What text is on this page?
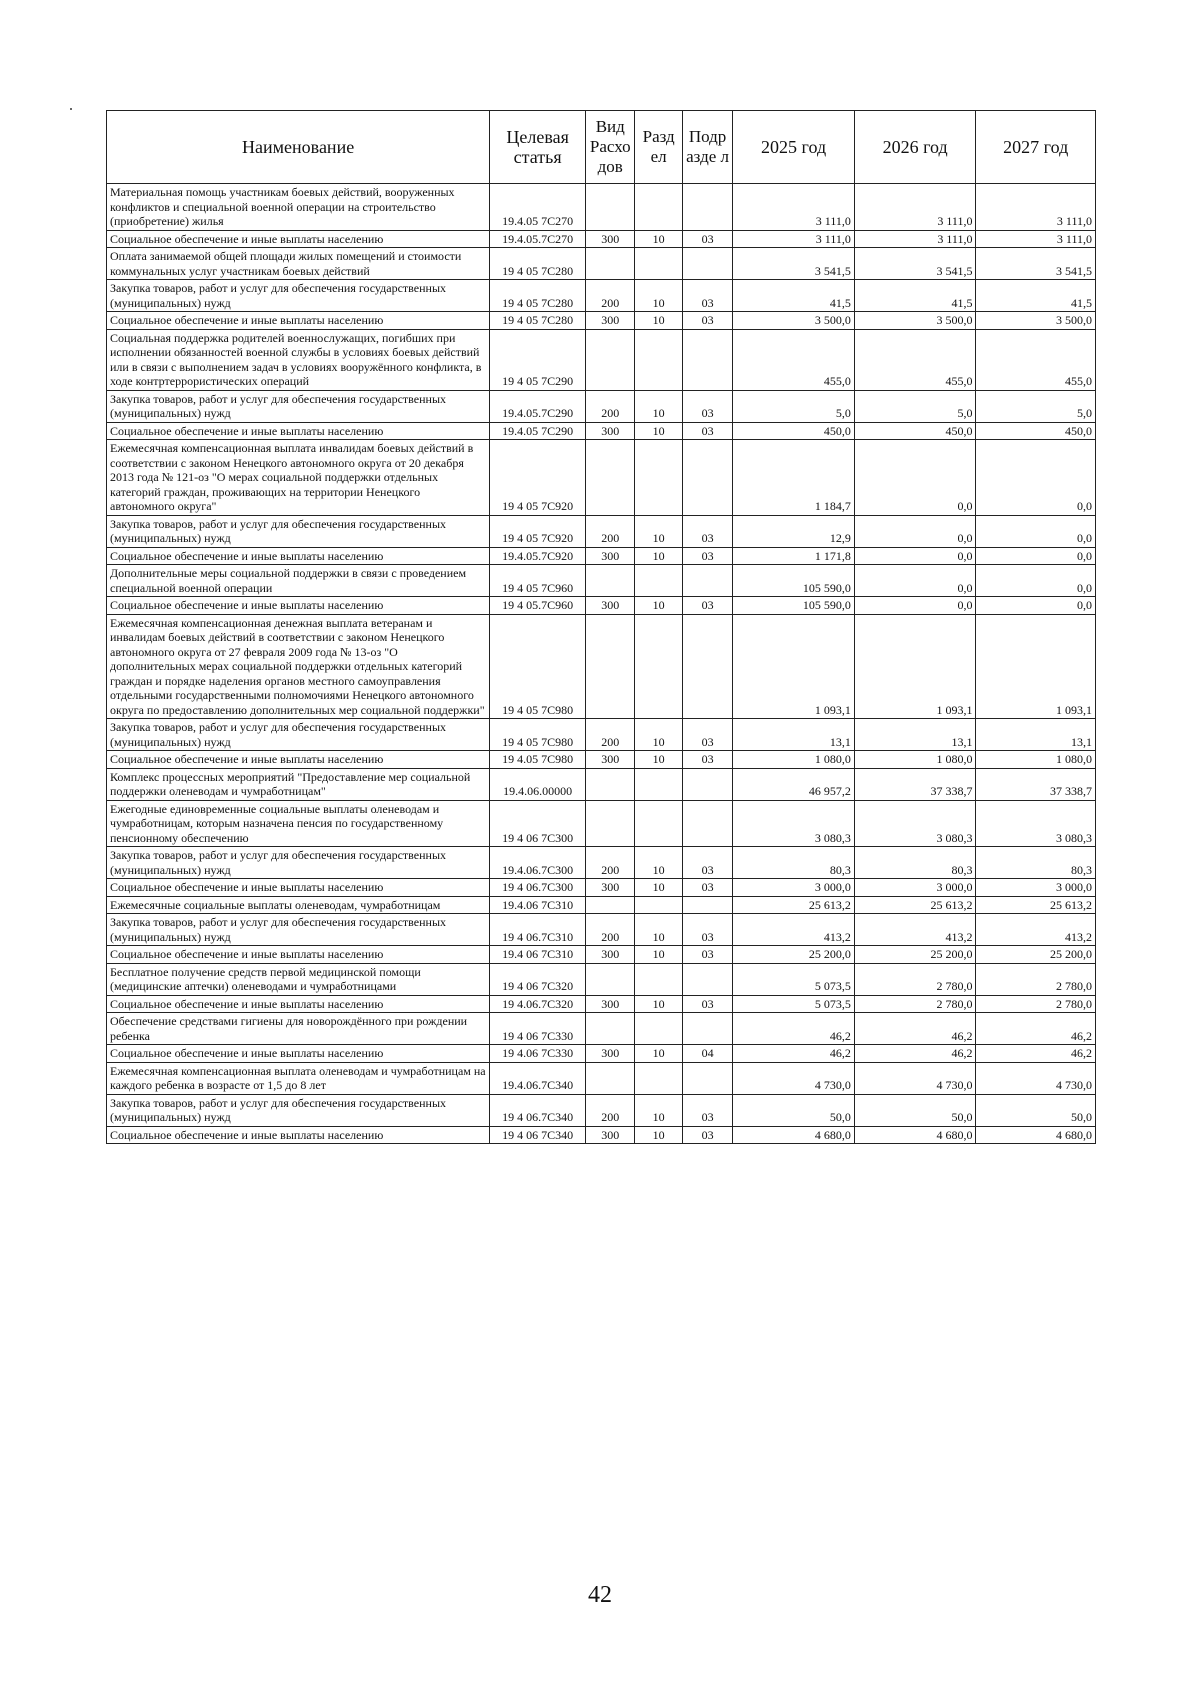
Наименование	Целевая статья	Вид Расхо дов	Разд ел	Подр азде л	2025 год	2026 год	2027 год
Материальная помощь участникам боевых действий, вооруженных конфликтов и специальной военной операции на строительство (приобретение) жилья	19.4.05 7C270				3 111,0	3 111,0	3 111,0
Социальное обеспечение и иные выплаты населению	19.4.05.7C270	300	10	03	3 111,0	3 111,0	3 111,0
Оплата занимаемой общей площади жилых помещений и стоимости коммунальных услуг участникам боевых действий	19 4 05 7C280				3 541,5	3 541,5	3 541,5
Закупка товаров, работ и услуг для обеспечения государственных (муниципальных) нужд	19 4 05 7C280	200	10	03	41,5	41,5	41,5
Социальное обеспечение и иные выплаты населению	19 4 05 7C280	300	10	03	3 500,0	3 500,0	3 500,0
Социальная поддержка родителей военнослужащих, погибших при исполнении обязанностей военной службы в условиях боевых действий или в связи с выполнением задач в условиях вооружённого конфликта, в ходе контртеррористических операций	19 4 05 7C290				455,0	455,0	455,0
Закупка товаров, работ и услуг для обеспечения государственных (муниципальных) нужд	19.4.05.7C290	200	10	03	5,0	5,0	5,0
Социальное обеспечение и иные выплаты населению	19.4.05 7C290	300	10	03	450,0	450,0	450,0
Ежемесячная компенсационная выплата инвалидам боевых действий в соответствии с законом Ненецкого автономного округа от 20 декабря 2013 года № 121-оз "О мерах социальной поддержки отдельных категорий граждан, проживающих на территории Ненецкого автономного округа"	19 4 05 7C920				1 184,7	0,0	0,0
Закупка товаров, работ и услуг для обеспечения государственных (муниципальных) нужд	19 4 05 7C920	200	10	03	12,9	0,0	0,0
Социальное обеспечение и иные выплаты населению	19.4.05.7C920	300	10	03	1 171,8	0,0	0,0
Дополнительные меры социальной поддержки в связи с проведением специальной военной операции	19 4 05 7C960				105 590,0	0,0	0,0
Социальное обеспечение и иные выплаты населению	19 4 05.7C960	300	10	03	105 590,0	0,0	0,0
Ежемесячная компенсационная денежная выплата ветеранам и инвалидам боевых действий в соответствии с законом Ненецкого автономного округа от 27 февраля 2009 года № 13-оз "О дополнительных мерах социальной поддержки отдельных категорий граждан и порядке наделения органов местного самоуправления отдельными государственными полномочиями Ненецкого автономного округа по предоставлению дополнительных мер социальной поддержки"	19 4 05 7C980				1 093,1	1 093,1	1 093,1
Закупка товаров, работ и услуг для обеспечения государственных (муниципальных) нужд	19 4 05 7C980	200	10	03	13,1	13,1	13,1
Социальное обеспечение и иные выплаты населению	19 4.05 7C980	300	10	03	1 080,0	1 080,0	1 080,0
Комплекс процессных мероприятий "Предоставление мер социальной поддержки оленеводам и чумработницам"	19.4.06.00000				46 957,2	37 338,7	37 338,7
Ежегодные единовременные социальные выплаты оленеводам и чумработницам, которым назначена пенсия по государственному пенсионному обеспечению	19 4 06 7C300				3 080,3	3 080,3	3 080,3
Закупка товаров, работ и услуг для обеспечения государственных (муниципальных) нужд	19.4.06.7C300	200	10	03	80,3	80,3	80,3
Социальное обеспечение и иные выплаты населению	19 4 06.7C300	300	10	03	3 000,0	3 000,0	3 000,0
Ежемесячные социальные выплаты оленеводам, чумработницам	19.4.06 7C310				25 613,2	25 613,2	25 613,2
Закупка товаров, работ и услуг для обеспечения государственных (муниципальных) нужд	19 4 06.7C310	200	10	03	413,2	413,2	413,2
Социальное обеспечение и иные выплаты населению	19.4 06 7C310	300	10	03	25 200,0	25 200,0	25 200,0
Бесплатное получение средств первой медицинской помощи (медицинские аптечки) оленеводами и чумработницами	19 4 06 7C320				5 073,5	2 780,0	2 780,0
Социальное обеспечение и иные выплаты населению	19 4.06.7C320	300	10	03	5 073,5	2 780,0	2 780,0
Обеспечение средствами гигиены для новорождённого при рождении ребенка	19 4 06 7C330				46,2	46,2	46,2
Социальное обеспечение и иные выплаты населению	19 4.06 7C330	300	10	04	46,2	46,2	46,2
Ежемесячная компенсационная выплата оленеводам и чумработницам на каждого ребенка в возрасте от 1,5 до 8 лет	19.4.06.7C340				4 730,0	4 730,0	4 730,0
Закупка товаров, работ и услуг для обеспечения государственных (муниципальных) нужд	19 4 06.7C340	200	10	03	50,0	50,0	50,0
Социальное обеспечение и иные выплаты населению	19 4 06 7C340	300	10	03	4 680,0	4 680,0	4 680,0
42
